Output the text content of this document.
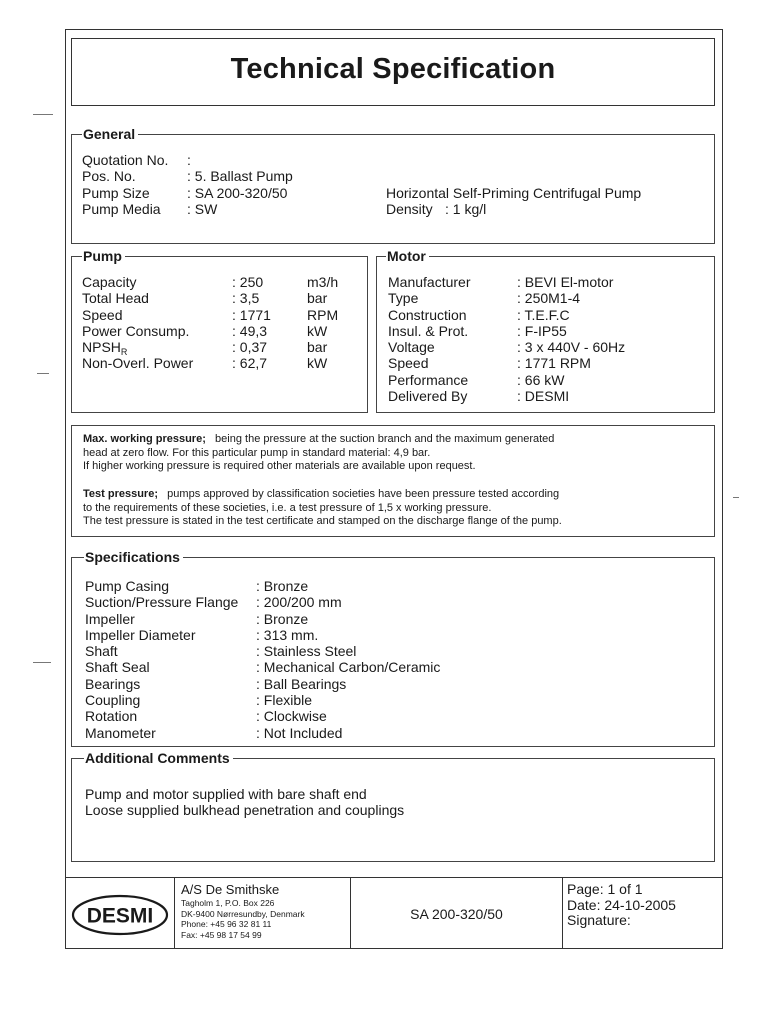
Technical Specification
General
Quotation No.
Pos. No.
Pump Size
Pump Media
:
: 5. Ballast Pump
: SA 200-320/50
: SW
Horizontal Self-Priming Centrifugal Pump
Density : 1 kg/l
Pump
Capacity
Total Head
Speed
Power Consump.
$NPSH_R$
Non-Overl. Power
: 250
: 3,5
: 1771
: 49,3
: 0,37
: 62,7
m3/h
bar
RPM
kW
bar
kW
Motor
Manufacturer
Type
Construction
Insul. & Prot.
Voltage
Speed
Performance
Delivered By
: BEVI El-motor
: 250M1-4
: T.E.F.C
: F-IP55
: 3 x 440V - 60Hz
: 1771 RPM
: 66 kW
: DESMI
Max. working pressure; being the pressure at the suction branch and the maximum generated
head at zero flow. For this particular pump in standard material: 4,9 bar.
If higher working pressure is required other materials are available upon request.
Test pressure; pumps approved by classification societies have been pressure tested according
to the requirements of these societies, i.e. a test pressure of 1,5 x working pressure.
The test pressure is stated in the test certificate and stamped on the discharge flange of the pump.
Specifications
Pump Casing
Suction/Pressure Flange
Impeller
Impeller Diameter
Shaft
Shaft Seal
Bearings
Coupling
Rotation
Manometer
: Bronze
: 200/200 mm
: Bronze
: 313 mm.
: Stainless Steel
: Mechanical Carbon/Ceramic
: Ball Bearings
: Flexible
: Clockwise
: Not Included
Additional Comments
Pump and motor supplied with bare shaft end
Loose supplied bulkhead penetration and couplings
DESMI
A/S De Smithske
Tagholm 1, P.O. Box 226
DK-9400 Nørresundby, Denmark
Phone: +45 96 32 81 11
Fax: +45 98 17 54 99
SA 200-320/50
Page: 1 of 1
Date: 24-10-2005
Signature:
